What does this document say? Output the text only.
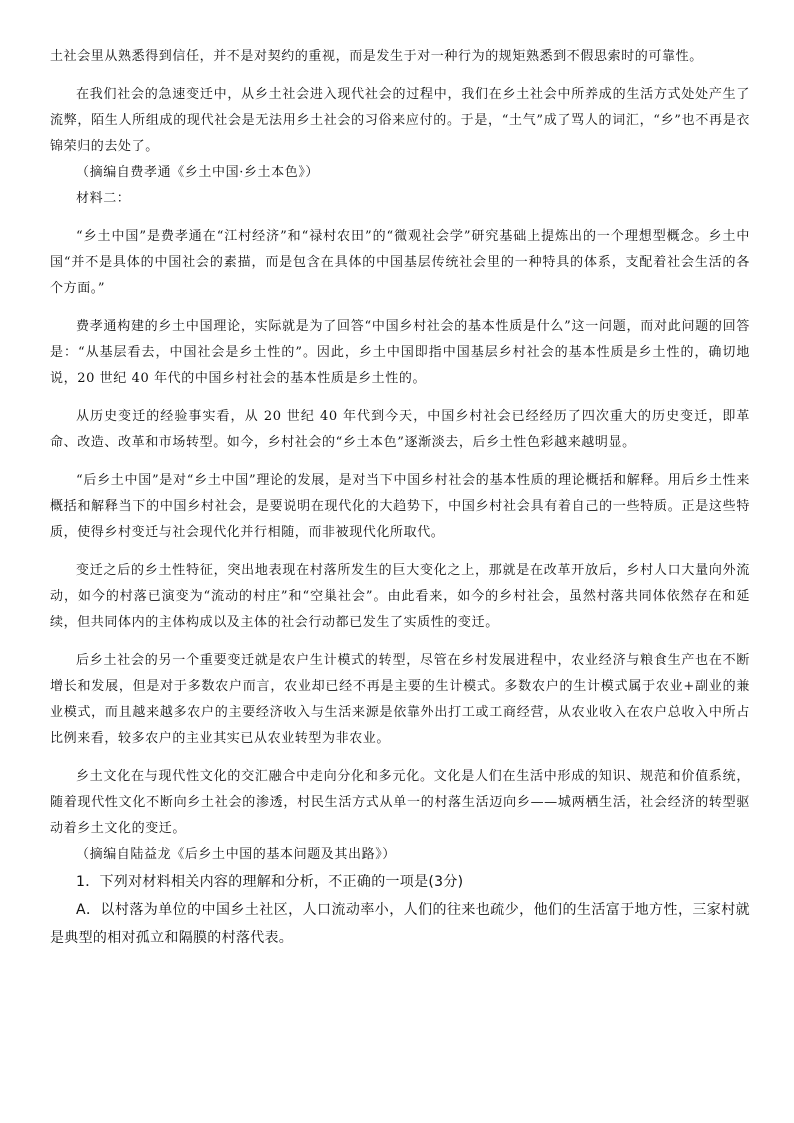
土社会里从熟悉得到信任，并不是对契约的重视，而是发生于对一种行为的规矩熟悉到不假思索时的可靠性。

在我们社会的急速变迁中，从乡土社会进入现代社会的过程中，我们在乡土社会中所养成的生活方式处处产生了流弊，陌生人所组成的现代社会是无法用乡土社会的习俗来应付的。于是，“土气”成了骂人的词汇，“乡”也不再是衣锦荣归的去处了。

（摘编自费孝通《乡土中国·乡土本色》）

材料二：

“乡土中国”是费孝通在“江村经济”和“禄村农田”的“微观社会学”研究基础上提炼出的一个理想型概念。乡土中国“并不是具体的中国社会的素描，而是包含在具体的中国基层传统社会里的一种特具的体系，支配着社会生活的各个方面。”

费孝通构建的乡土中国理论，实际就是为了回答“中国乡村社会的基本性质是什么”这一问题，而对此问题的回答是：“从基层看去，中国社会是乡土性的”。因此，乡土中国即指中国基层乡村社会的基本性质是乡土性的，确切地说，20 世纪 40 年代的中国乡村社会的基本性质是乡土性的。

从历史变迁的经验事实看，从 20 世纪 40 年代到今天，中国乡村社会已经经历了四次重大的历史变迁，即革命、改造、改革和市场转型。如今，乡村社会的“乡土本色”逐渐淡去，后乡土性色彩越来越明显。

“后乡土中国”是对“乡土中国”理论的发展，是对当下中国乡村社会的基本性质的理论概括和解释。用后乡土性来概括和解释当下的中国乡村社会，是要说明在现代化的大趋势下，中国乡村社会具有着自己的一些特质。正是这些特质，使得乡村变迁与社会现代化并行相随，而非被现代化所取代。

变迁之后的乡土性特征，突出地表现在村落所发生的巨大变化之上，那就是在改革开放后，乡村人口大量向外流动，如今的村落已演变为“流动的村庄”和“空巢社会”。由此看来，如今的乡村社会，虽然村落共同体依然存在和延续，但共同体内的主体构成以及主体的社会行动都已发生了实质性的变迁。

后乡土社会的另一个重要变迁就是农户生计模式的转型，尽管在乡村发展进程中，农业经济与粮食生产也在不断增长和发展，但是对于多数农户而言，农业却已经不再是主要的生计模式。多数农户的生计模式属于农业+副业的兼业模式，而且越来越多农户的主要经济收入与生活来源是依靠外出打工或工商经营，从农业收入在农户总收入中所占比例来看，较多农户的主业其实已从农业转型为非农业。

乡土文化在与现代性文化的交汇融合中走向分化和多元化。文化是人们在生活中形成的知识、规范和价值系统，随着现代性文化不断向乡土社会的渗透，村民生活方式从单一的村落生活迈向乡——城两栖生活，社会经济的转型驱动着乡土文化的变迁。

（摘编自陆益龙《后乡土中国的基本问题及其出路》）

1．下列对材料相关内容的理解和分析，不正确的一项是(3分)

A．以村落为单位的中国乡土社区，人口流动率小，人们的往来也疏少，他们的生活富于地方性，三家村就是典型的相对孤立和隔膜的村落代表。
